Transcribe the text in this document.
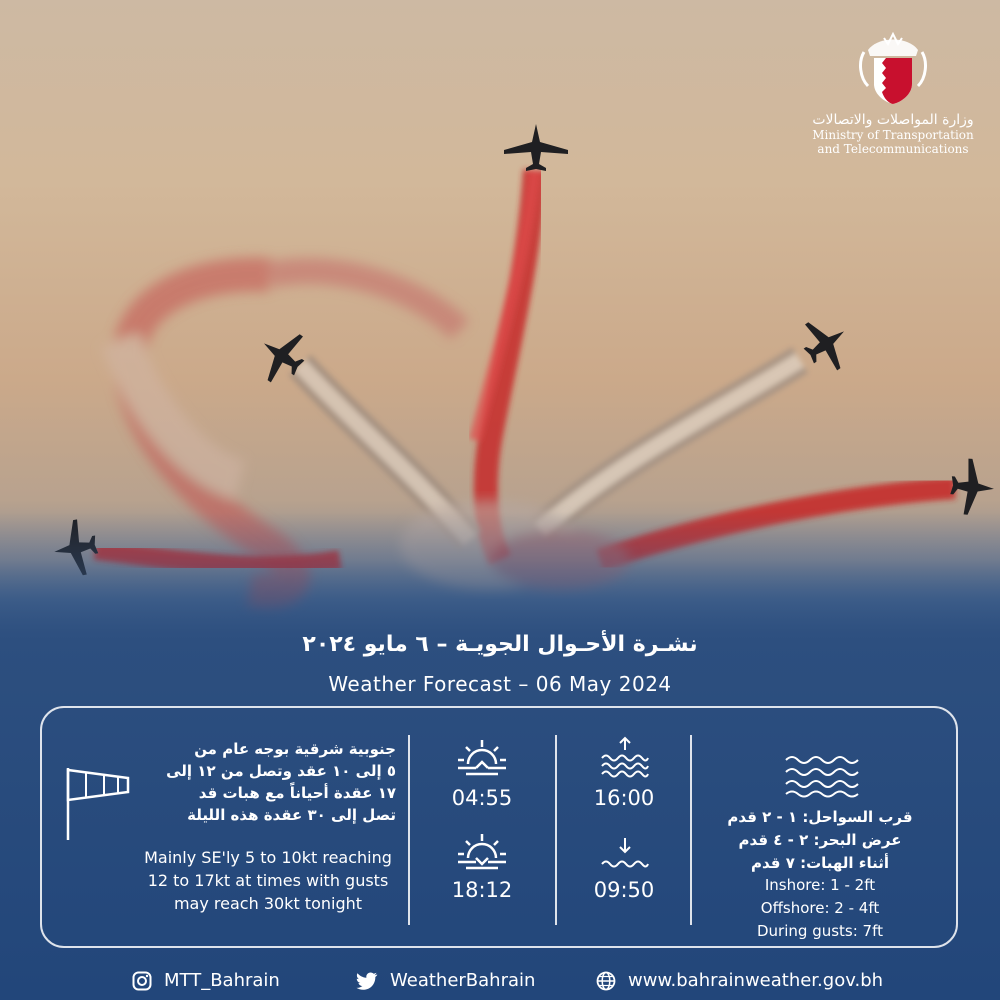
وزارة المواصلات والاتصالات
Ministry of Transportation
and Telecommunications
نشـرة الأحـوال الجويـة – ٦ مايو ٢٠٢٤
Weather Forecast – 06 May 2024
جنوبية شرقية بوجه عام من
٥ إلى ١٠ عقد وتصل من ١٢ إلى
١٧ عقدة أحياناً مع هبات قد
تصل إلى ٣٠ عقدة هذه الليلة
Mainly SE'ly 5 to 10kt reaching
12 to 17kt at times with gusts
may reach 30kt tonight
04:55
18:12
16:00
09:50
قرب السواحل: ١ - ٢ قدم
عرض البحر: ٢ - ٤ قدم
أثناء الهبات: ٧ قدم
Inshore: 1 - 2ft
Offshore: 2 - 4ft
During gusts: 7ft
MTT_Bahrain	WeatherBahrain	www.bahrainweather.gov.bh
